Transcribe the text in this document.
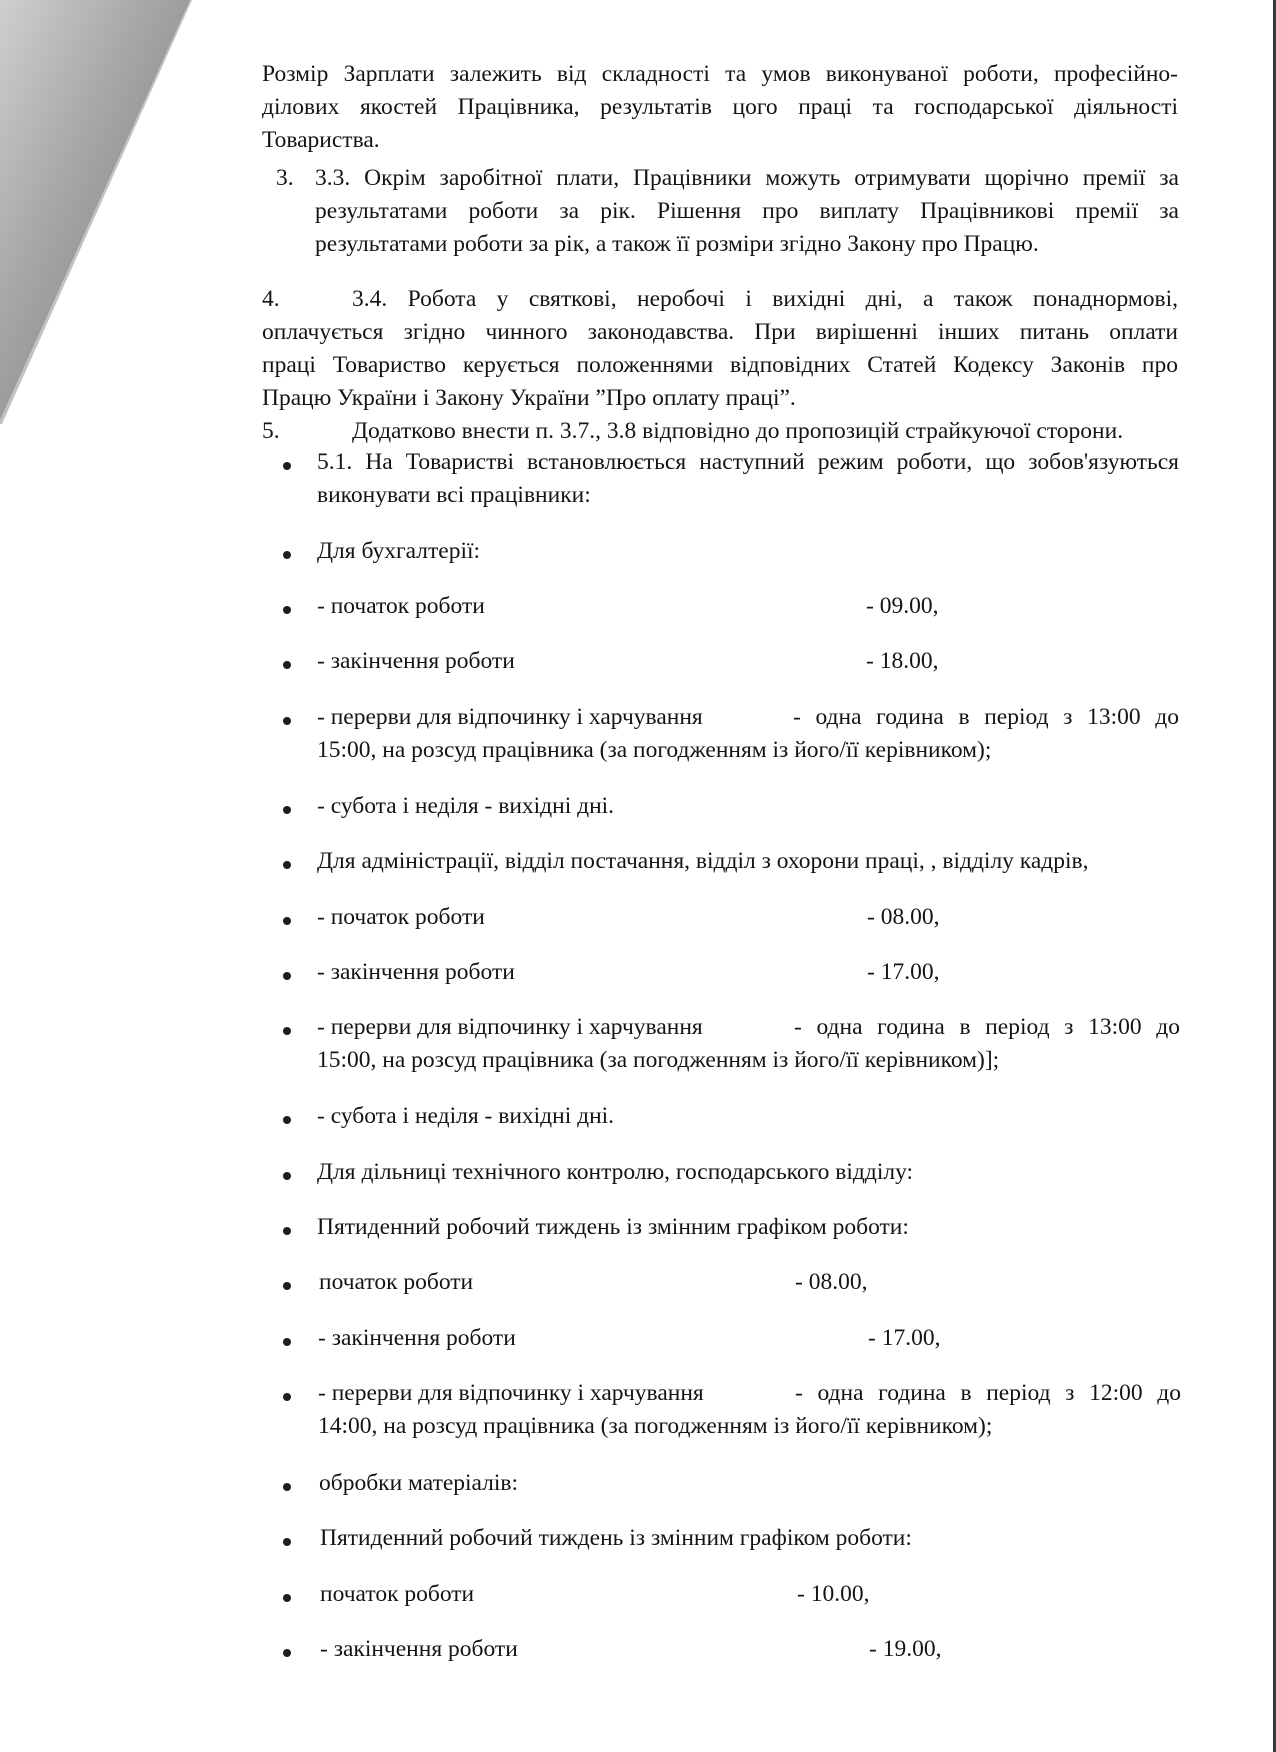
Розмір Зарплати залежить від складності та умов виконуваної роботи, професійно-

ділових якостей Працівника, результатів цого праці та господарської діяльності

Товариства.

3. 3.3. Окрім заробітної плати, Працівники можуть отримувати щорічно премії за

результатами роботи за рік. Рішення про виплату Працівникові премії за

результатами роботи за рік, а також її розміри згідно Закону про Працю.

4.	3.4. Робота у святкові, неробочі і вихідні дні, а також понаднормові,

оплачується згідно чинного законодавства. При вирішенні інших питань оплати

праці Товариство керується положеннями відповідних Статей Кодексу Законів про

Працю України і Закону України ”Про оплату праці”.

5.	Додатково внести п. 3.7., 3.8 відповідно до пропозицій страйкуючої сторони.

5.1. На Товаристві встановлюється наступний режим роботи, що зобов'язуються

виконувати всі працівники:

Для бухгалтерії:
- початок роботи	- 09.00,
- закінчення роботи	- 18.00,
- перерви для відпочинку і харчування	- одна година в період з 13:00 до

15:00, на розсуд працівника (за погодженням із його/її керівником);
- субота і неділя - вихідні дні.
Для адміністрації, відділ постачання, відділ з охорони праці, , відділу кадрів,
- початок роботи	- 08.00,
- закінчення роботи	- 17.00,
- перерви для відпочинку і харчування	- одна година в період з 13:00 до

15:00, на розсуд працівника (за погодженням із його/її керівником)];
- субота і неділя - вихідні дні.
Для дільниці технічного контролю, господарського відділу:
Пятиденний робочий тиждень із змінним графіком роботи:
початок роботи	- 08.00,
- закінчення роботи	- 17.00,
- перерви для відпочинку і харчування	- одна година в період з 12:00 до

14:00, на розсуд працівника (за погодженням із його/її керівником);
обробки матеріалів:
Пятиденний робочий тиждень із змінним графіком роботи:
початок роботи	- 10.00,
- закінчення роботи	- 19.00,
